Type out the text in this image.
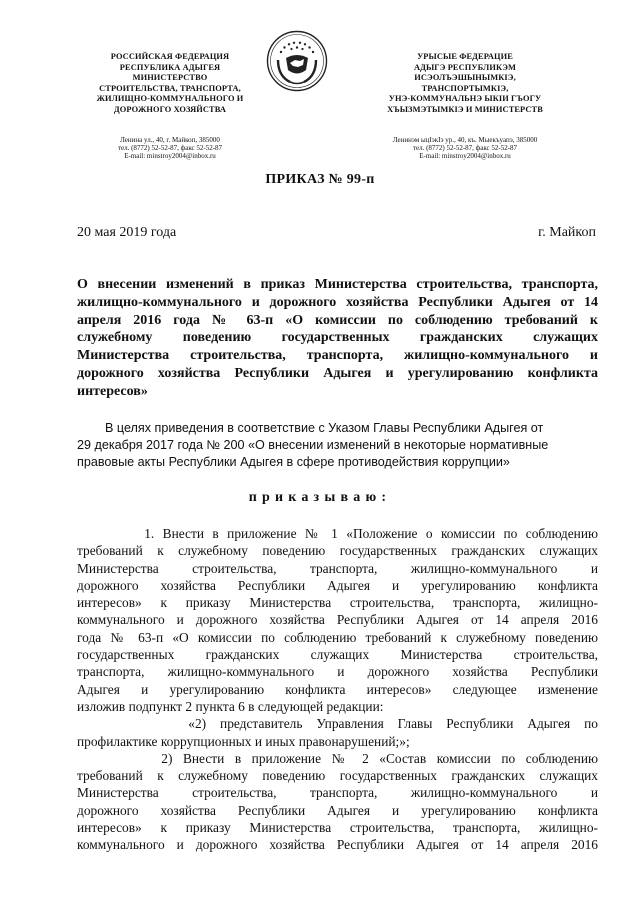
РОССИЙСКАЯ ФЕДЕРАЦИЯ
РЕСПУБЛИКА АДЫГЕЯ
МИНИСТЕРСТВО
СТРОИТЕЛЬСТВА, ТРАНСПОРТА,
ЖИЛИЩНО-КОММУНАЛЬНОГО И
ДОРОЖНОГО ХОЗЯЙСТВА
Ленина ул., 40, г. Майкоп, 385000
тел. (8772) 52-52-87, факс 52-52-87
E-mail: minstroy2004@inbox.ru
УРЫСЫЕ ФЕДЕРАЦИЕ
АДЫГЭ РЕСПУБЛИКЭМ
ИСЭОЛЪЭШЫНЫМКIЭ,
ТРАНСПОРТЫМКIЭ,
УНЭ-КОММУНАЛЬНЭ ЫКIИ ГЪОГУ
ХЪЫЗМЭТЫМКIЭ И МИНИСТЕРСТВ
Ленинэм ыцIэкIэ ур., 40, къ. Мыекъуапэ, 385000
тел. (8772) 52-52-87, факс 52-52-87
E-mail: minstroy2004@inbox.ru
ПРИКАЗ № 99-п
20 мая 2019 года	г. Майкоп
О внесении изменений в приказ Министерства строительства, транспорта,
жилищно-коммунального и дорожного хозяйства Республики Адыгея от 14
апреля 2016 года № 63-п «О комиссии по соблюдению требований к
служебному поведению государственных гражданских служащих
Министерства строительства, транспорта, жилищно-коммунального и
дорожного хозяйства Республики Адыгея и урегулированию конфликта
интересов»
В целях приведения в соответствие с Указом Главы Республики Адыгея от
29 декабря 2017 года № 200 «О внесении изменений в некоторые нормативные
правовые акты Республики Адыгея в сфере противодействия коррупции»
приказываю:
1. Внести в приложение № 1 «Положение о комиссии по соблюдению
требований к служебному поведению государственных гражданских служащих
Министерства строительства, транспорта, жилищно-коммунального и
дорожного хозяйства Республики Адыгея и урегулированию конфликта
интересов» к приказу Министерства строительства, транспорта, жилищно-
коммунального и дорожного хозяйства Республики Адыгея от 14 апреля 2016
года № 63-п «О комиссии по соблюдению требований к служебному поведению
государственных гражданских служащих Министерства строительства,
транспорта, жилищно-коммунального и дорожного хозяйства Республики
Адыгея и урегулированию конфликта интересов» следующее изменение
изложив подпункт 2 пункта 6 в следующей редакции:
«2) представитель Управления Главы Республики Адыгея по
профилактике коррупционных и иных правонарушений;»;
2) Внести в приложение № 2 «Состав комиссии по соблюдению
требований к служебному поведению государственных гражданских служащих
Министерства строительства, транспорта, жилищно-коммунального и
дорожного хозяйства Республики Адыгея и урегулированию конфликта
интересов» к приказу Министерства строительства, транспорта, жилищно-
коммунального и дорожного хозяйства Республики Адыгея от 14 апреля 2016
